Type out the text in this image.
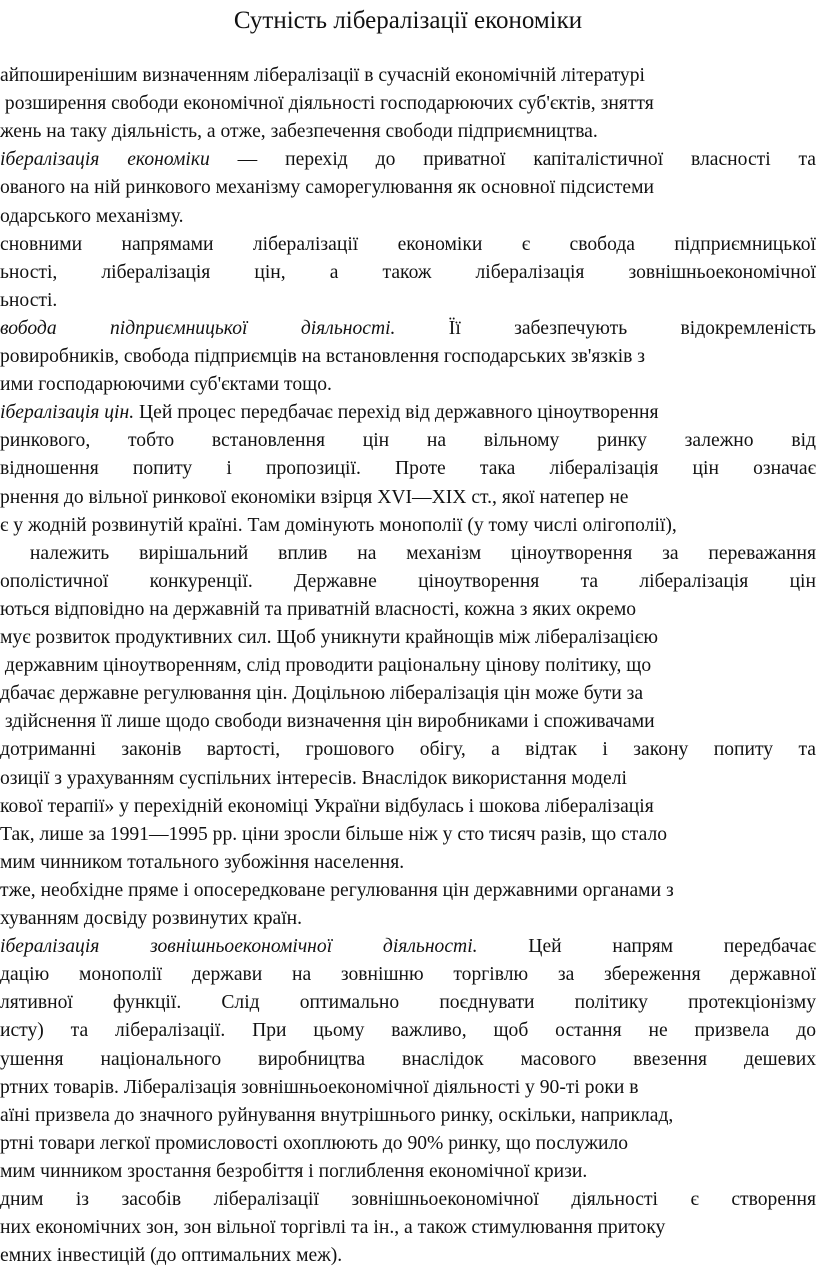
Сутність лібералізації економіки
айпоширенішим визначенням лібералізації в сучасній економічній літературі
розширення свободи економічної діяльності господарюючих суб'єктів, зняття
жень на таку діяльність, а отже, забезпечення свободи підприємництва.
ібералізація економіки — перехід до приватної капіталістичної власності та
ованого на ній ринкового механізму саморегулювання як основної підсистеми
одарського механізму.
сновними напрямами лібералізації економіки є свобода підприємницької
ьності, лібералізація цін, а також лібералізація зовнішньоекономічної
ьності.
вобода підприємницької діяльності. Її забезпечують відокремленість
ровиробників, свобода підприємців на встановлення господарських зв'язків з
ими господарюючими суб'єктами тощо.
ібералізація цін. Цей процес передбачає перехід від державного ціноутворення
ринкового, тобто встановлення цін на вільному ринку залежно від
відношення попиту і пропозиції. Проте така лібералізація цін означає
рнення до вільної ринкової економіки взірця XVI—XIX ст., якої натепер не
є у жодній розвинутій країні. Там домінують монополії (у тому числі олігополії),
належить вирішальний вплив на механізм ціноутворення за переважання
ополістичної конкуренції. Державне ціноутворення та лібералізація цін
ються відповідно на державній та приватній власності, кожна з яких окремо
мує розвиток продуктивних сил. Щоб уникнути крайнощів між лібералізацією
державним ціноутворенням, слід проводити раціональну цінову політику, що
дбачає державне регулювання цін. Доцільною лібералізація цін може бути за
здійснення її лише щодо свободи визначення цін виробниками і споживачами
дотриманні законів вартості, грошового обігу, а відтак і закону попиту та
озиції з урахуванням суспільних інтересів. Внаслідок використання моделі
кової терапії» у перехідній економіці України відбулась і шокова лібералізація
Так, лише за 1991—1995 рр. ціни зросли більше ніж у сто тисяч разів, що стало
мим чинником тотального зубожіння населення.
тже, необхідне пряме і опосередковане регулювання цін державними органами з
хуванням досвіду розвинутих країн.
ібералізація зовнішньоекономічної діяльності. Цей напрям передбачає
дацію монополії держави на зовнішню торгівлю за збереження державної
лятивної функції. Слід оптимально поєднувати політику протекціонізму
исту) та лібералізації. При цьому важливо, щоб остання не призвела до
ушення національного виробництва внаслідок масового ввезення дешевих
ртних товарів. Лібералізація зовнішньоекономічної діяльності у 90-ті роки в
аїні призвела до значного руйнування внутрішнього ринку, оскільки, наприклад,
ртні товари легкої промисловості охоплюють до 90% ринку, що послужило
мим чинником зростання безробіття і поглиблення економічної кризи.
дним із засобів лібералізації зовнішньоекономічної діяльності є створення
них економічних зон, зон вільної торгівлі та ін., а також стимулювання притоку
емних інвестицій (до оптимальних меж).
